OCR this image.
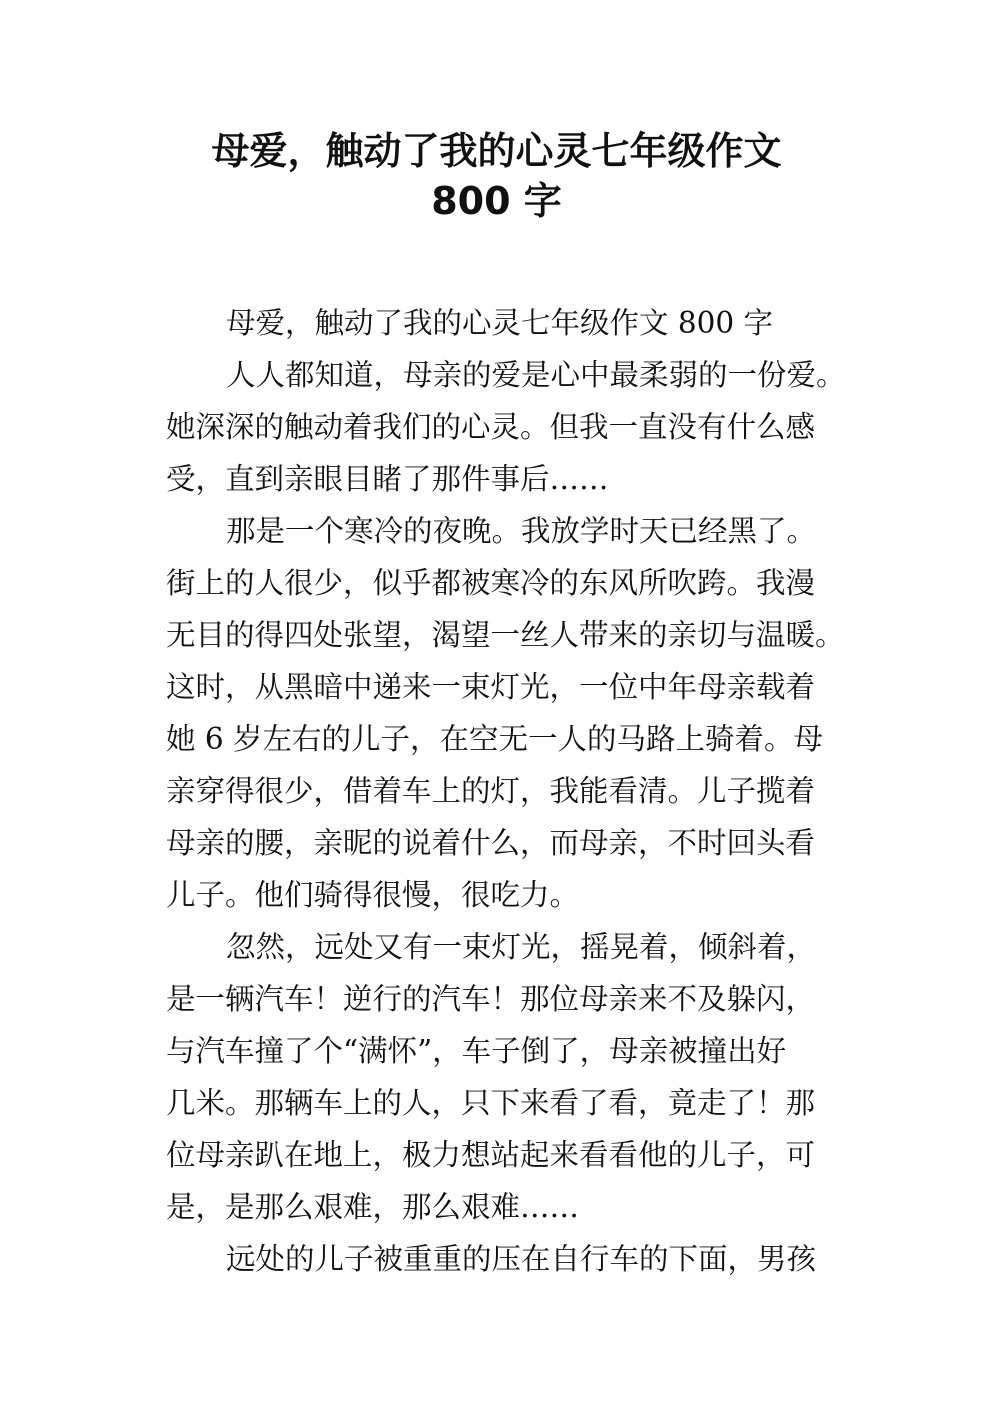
母爱，触动了我的心灵七年级作文
800 字
母爱，触动了我的心灵七年级作文 800 字
人人都知道，母亲的爱是心中最柔弱的一份爱。
她深深的触动着我们的心灵。但我一直没有什么感
受，直到亲眼目睹了那件事后……
那是一个寒冷的夜晚。我放学时天已经黑了。
街上的人很少，似乎都被寒冷的东风所吹跨。我漫
无目的得四处张望，渴望一丝人带来的亲切与温暖。
这时，从黑暗中递来一束灯光，一位中年母亲载着
她 6 岁左右的儿子，在空无一人的马路上骑着。母
亲穿得很少，借着车上的灯，我能看清。儿子揽着
母亲的腰，亲昵的说着什么，而母亲，不时回头看
儿子。他们骑得很慢，很吃力。
忽然，远处又有一束灯光，摇晃着，倾斜着，
是一辆汽车！逆行的汽车！那位母亲来不及躲闪，
与汽车撞了个“满怀”，车子倒了，母亲被撞出好
几米。那辆车上的人，只下来看了看，竟走了！那
位母亲趴在地上，极力想站起来看看他的儿子，可
是，是那么艰难，那么艰难……
远处的儿子被重重的压在自行车的下面，男孩
